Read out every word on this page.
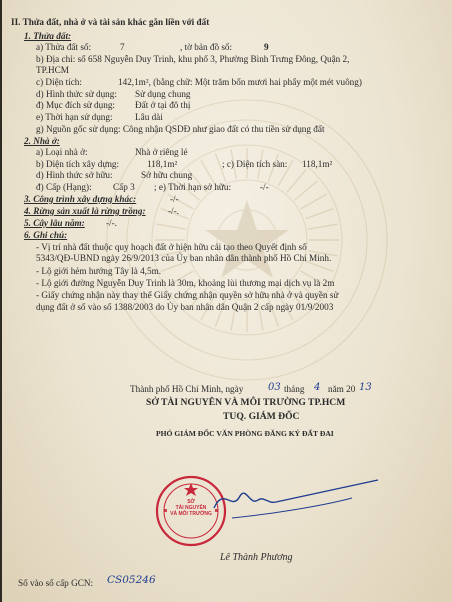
II. Thửa đất, nhà ở và tài sản khác gắn liền với đất
1. Thửa đất:
a) Thửa đất số:	7	, tờ bản đồ số:	9
b) Địa chỉ: số 658 Nguyễn Duy Trinh, khu phố 3, Phường Bình Trưng Đông, Quận 2,
TP.HCM
c) Diện tích:	142,1m², (bằng chữ: Một trăm bốn mươi hai phẩy một mét vuông)
d) Hình thức sử dụng: Sử dụng chung
đ) Mục đích sử dụng: Đất ở tại đô thị
e) Thời hạn sử dụng: Lâu dài
g) Nguồn gốc sử dụng: Công nhận QSDĐ như giao đất có thu tiền sử dụng đất
2. Nhà ở:
a) Loại nhà ở:	Nhà ở riêng lẻ
b) Diện tích xây dựng:	118,1m²	; c) Diện tích sàn: 118,1m²
d) Hình thức sở hữu:	Sở hữu chung
đ) Cấp (Hạng): Cấp 3 ; e) Thời hạn sở hữu:	-/-
3. Công trình xây dựng khác:	-/-
4. Rừng sản xuất là rừng trồng: -/-.
5. Cây lâu năm: -/-.
6. Ghi chú:
- Vị trí nhà đất thuộc quy hoạch đất ở hiện hữu cải tạo theo Quyết định số
5343/QĐ-UBND ngày 26/9/2013 của Ủy ban nhân dân thành phố Hồ Chí Minh.
- Lộ giới hẻm hướng Tây là 4,5m.
- Lộ giới đường Nguyễn Duy Trinh là 30m, khoảng lùi thương mại dịch vụ là 2m
- Giấy chứng nhận này thay thế Giấy chứng nhận quyền sở hữu nhà ở và quyền sử
dụng đất ở số vào sổ 1388/2003 do Ủy ban nhân dân Quận 2 cấp ngày 01/9/2003
Thành phố Hồ Chí Minh, ngày 03 tháng 4 năm 20 13
SỞ TÀI NGUYÊN VÀ MÔI TRƯỜNG TP.HCM
TUQ. GIÁM ĐỐC
PHÓ GIÁM ĐỐC VĂN PHÒNG ĐĂNG KÝ ĐẤT ĐAI
SỞ
TÀI NGUYÊN
VÀ MÔI TRƯỜNG
Lê Thành Phương
Số vào sổ cấp GCN: CS05246
